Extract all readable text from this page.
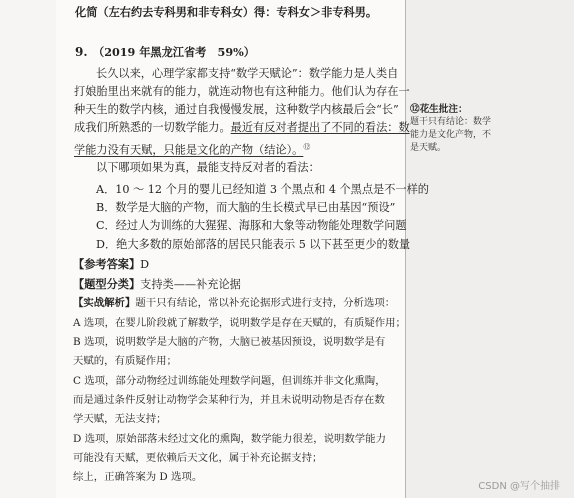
化简（左右约去专科男和非专科女）得：专科女＞非专科男。
9. （2019 年黑龙江省考　59%）
长久以来，心理学家都支持“数学天赋论”：数学能力是人类自
打娘胎里出来就有的能力，就连动物也有这种能力。他们认为存在一
种天生的数学内核，通过自我慢慢发展，这种数学内核最后会“长”
成我们所熟悉的一切数学能力。最近有反对者提出了不同的看法：数
学能力没有天赋，只能是文化的产物（结论）。⑫
以下哪项如果为真，最能支持反对者的看法：
A．10 ～ 12 个月的婴儿已经知道 3 个黑点和 4 个黑点是不一样的
B．数学是大脑的产物，而大脑的生长模式早已由基因“预设”
C．经过人为训练的大猩猩、海豚和大象等动物能处理数学问题
D．绝大多数的原始部落的居民只能表示 5 以下甚至更少的数量
【参考答案】D
【题型分类】支持类——补充论据
【实战解析】题干只有结论，常以补充论据形式进行支持，分析选项：
A 选项，在婴儿阶段就了解数学，说明数学是存在天赋的，有质疑作用；
B 选项，说明数学是大脑的产物，大脑已被基因预设，说明数学是有
天赋的，有质疑作用；
C 选项，部分动物经过训练能处理数学问题，但训练并非文化熏陶，
而是通过条件反射让动物学会某种行为，并且未说明动物是否存在数
学天赋，无法支持；
D 选项，原始部落未经过文化的熏陶，数学能力很差，说明数学能力
可能没有天赋，更依赖后天文化，属于补充论据支持；
综上，正确答案为 D 选项。
⑫花生批注：
题干只有结论：数学
能力是文化产物，不
是天赋。
CSDN @写个抽排
